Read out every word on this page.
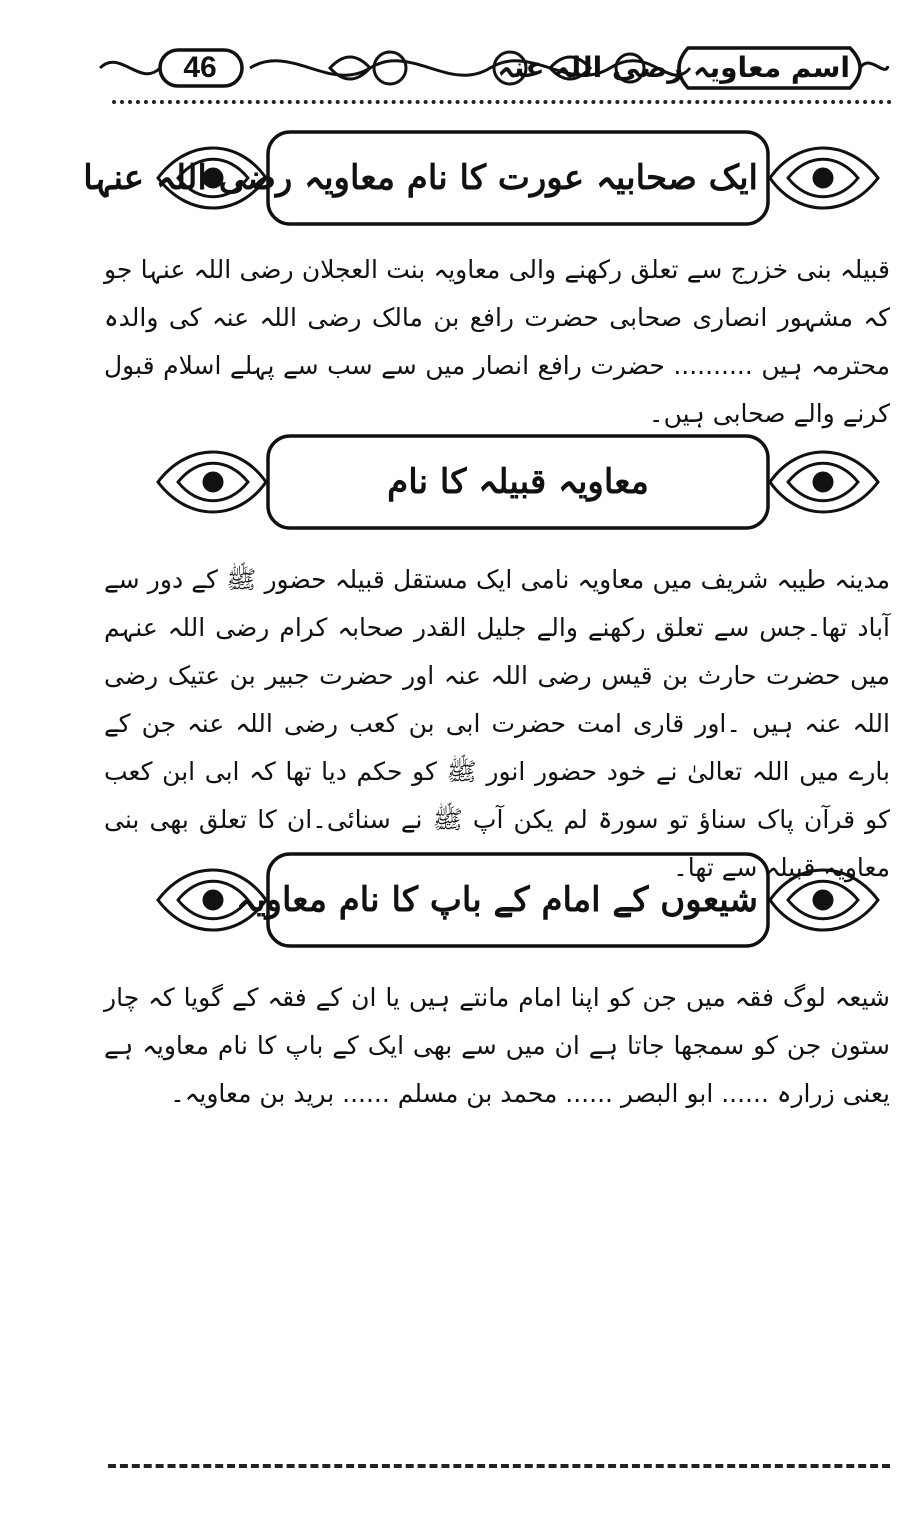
46	اسم معاویہ رضی اللہ عنہ
ایک صحابیہ عورت کا نام معاویہ رضی اللہ عنہا
قبیلہ بنی خزرج سے تعلق رکھنے والی معاویہ بنت العجلان رضی اللہ عنہا جو کہ مشہور انصاری صحابی حضرت رافع بن مالک رضی اللہ عنہ کی والدہ محترمہ ہیں .......... حضرت رافع انصار میں سے سب سے پہلے اسلام قبول کرنے والے صحابی ہیں۔
معاویہ قبیلہ کا نام
مدینہ طیبہ شریف میں معاویہ نامی ایک مستقل قبیلہ حضور ﷺ کے دور سے آباد تھا۔جس سے تعلق رکھنے والے جلیل القدر صحابہ کرام رضی اللہ عنہم میں حضرت حارث بن قیس رضی اللہ عنہ اور حضرت جبیر بن عتیک رضی اللہ عنہ ہیں ۔اور قاری امت حضرت ابی بن کعب رضی اللہ عنہ جن کے بارے میں اللہ تعالیٰ نے خود حضور انور ﷺ کو حکم دیا تھا کہ ابی ابن کعب کو قرآن پاک سناؤ تو سورۃ لم یکن آپ ﷺ نے سنائی۔ان کا تعلق بھی بنی معاویہ قبیلہ سے تھا۔
شیعوں کے امام کے باپ کا نام معاویہ
شیعہ لوگ فقہ میں جن کو اپنا امام مانتے ہیں یا ان کے فقہ کے گویا کہ چار ستون جن کو سمجھا جاتا ہے ان میں سے بھی ایک کے باپ کا نام معاویہ ہے یعنی زرارہ ...... ابو البصر ...... محمد بن مسلم ...... برید بن معاویہ۔
